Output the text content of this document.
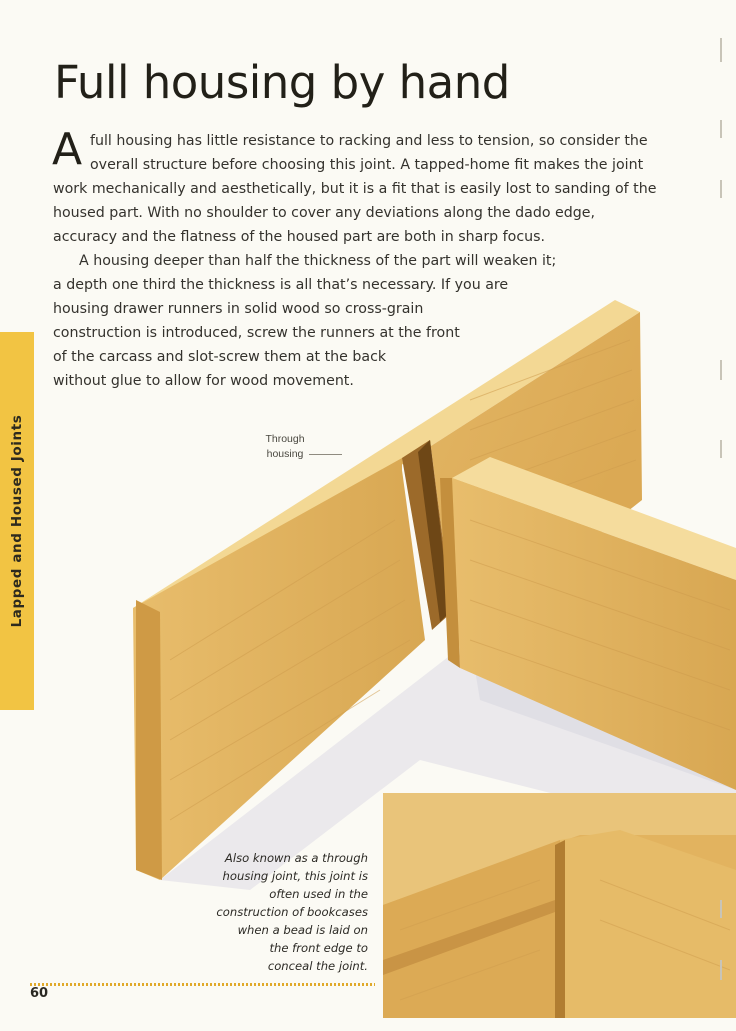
Lapped and Housed Joints
Full housing by hand
A full housing has little resistance to racking and less to tension, so consider the
overall structure before choosing this joint. A tapped-home fit makes the joint
work mechanically and aesthetically, but it is a fit that is easily lost to sanding of the
housed part. With no shoulder to cover any deviations along the dado edge,
accuracy and the flatness of the housed part are both in sharp focus.
A housing deeper than half the thickness of the part will weaken it;
a depth one third the thickness is all that’s necessary. If you are
housing drawer runners in solid wood so cross-grain
construction is introduced, screw the runners at the front
of the carcass and slot-screw them at the back
without glue to allow for wood movement.
Through
housing
Also known as a through
housing joint, this joint is
often used in the
construction of bookcases
when a bead is laid on
the front edge to
conceal the joint.
60
